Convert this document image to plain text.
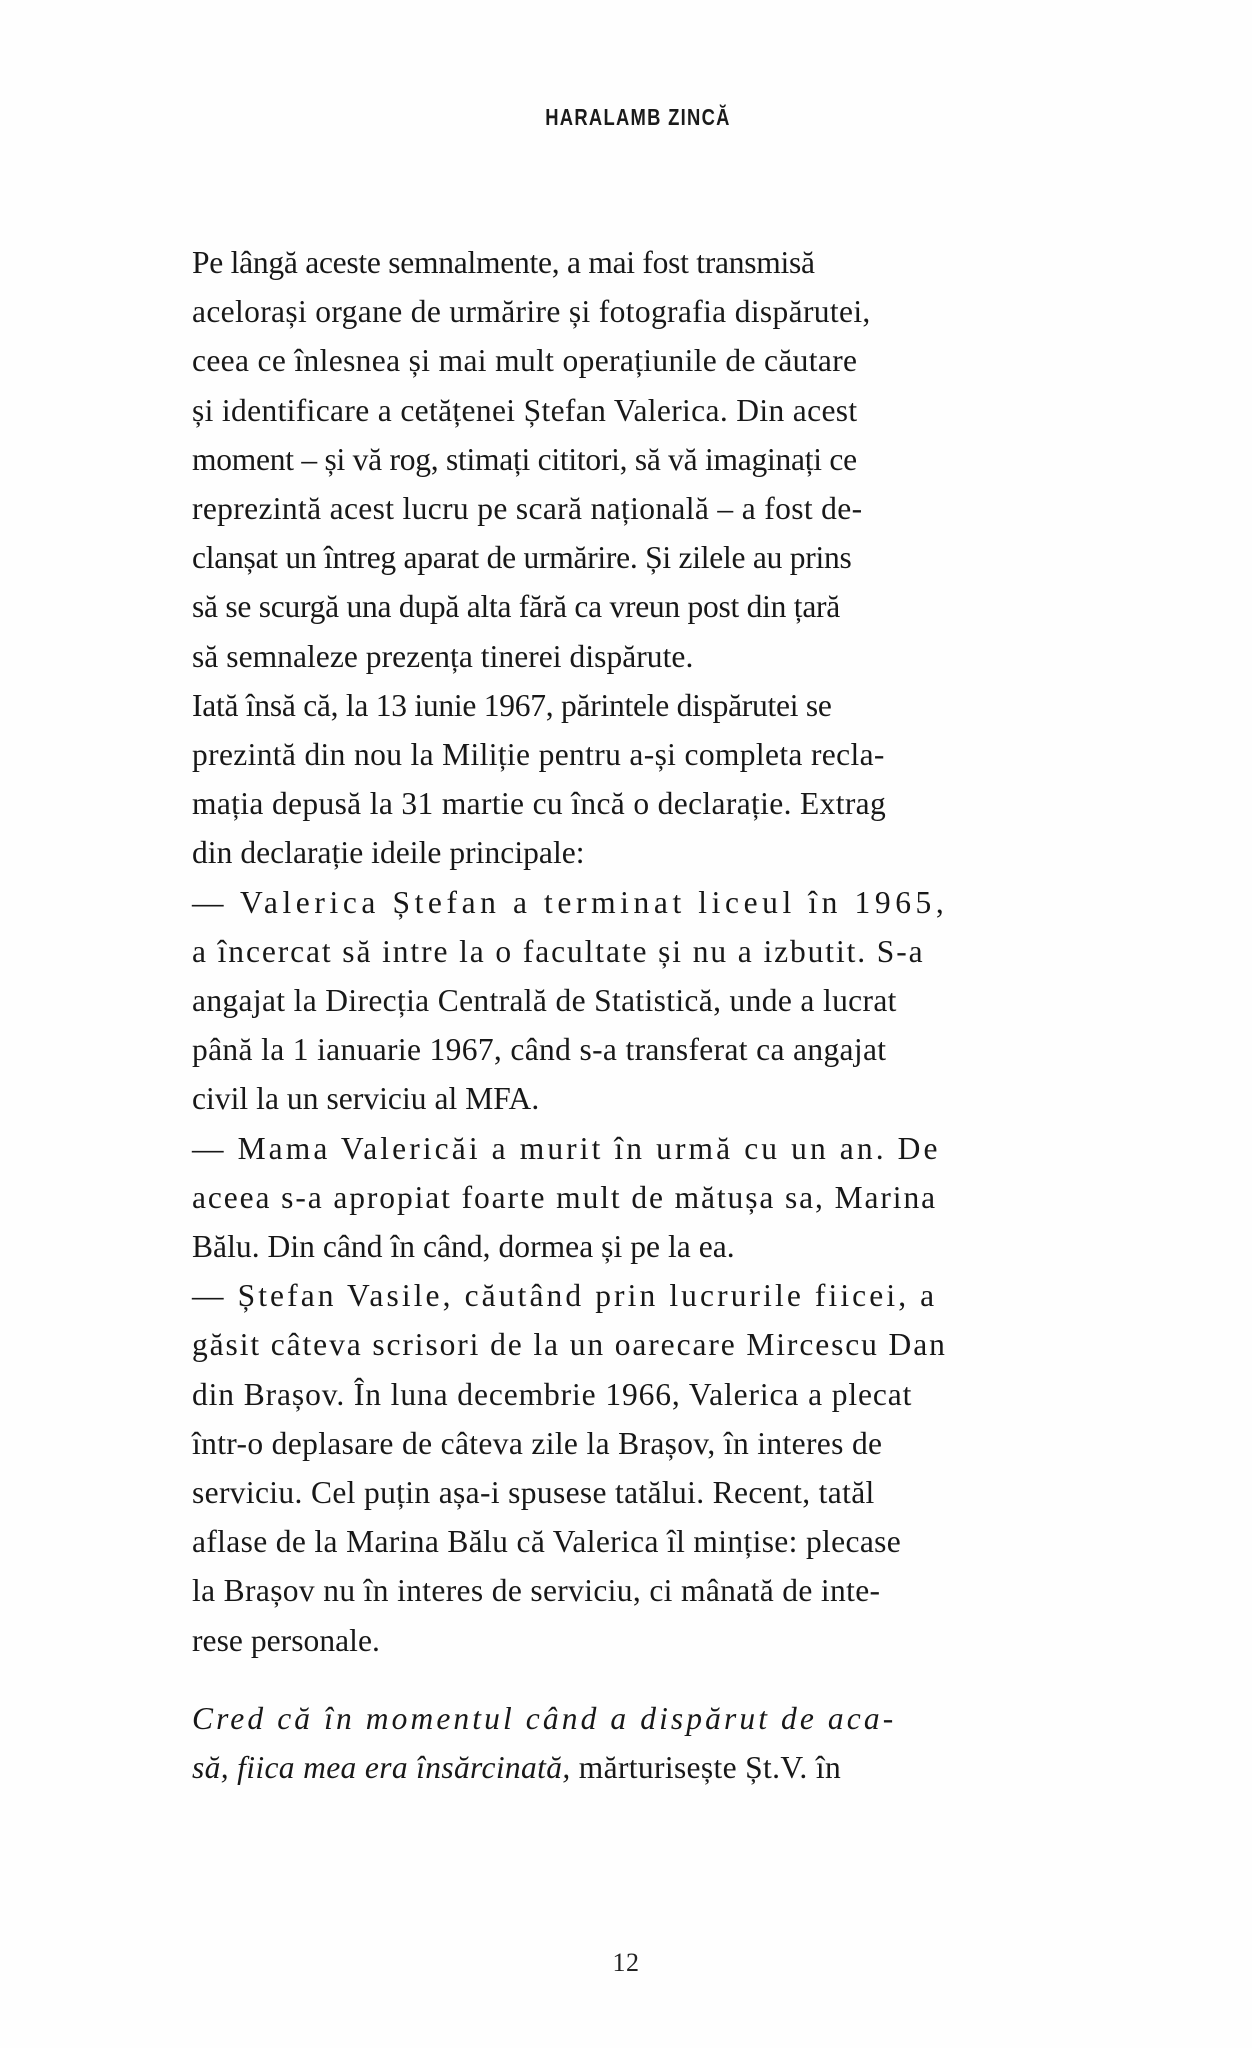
HARALAMB ZINCĂ

Pe lângă aceste semnalmente, a mai fost transmisă
acelorași organe de urmărire și fotografia dispărutei,
ceea ce înlesnea și mai mult operațiunile de căutare
și identificare a cetățenei Ștefan Valerica. Din acest
moment – și vă rog, stimați cititori, să vă imaginați ce
reprezintă acest lucru pe scară națională – a fost de-
clanșat un întreg aparat de urmărire. Și zilele au prins
să se scurgă una după alta fără ca vreun post din țară
să semnaleze prezența tinerei dispărute.

Iată însă că, la 13 iunie 1967, părintele dispărutei se
prezintă din nou la Miliție pentru a-și completa recla-
mația depusă la 31 martie cu încă o declarație. Extrag
din declarație ideile principale:

— Valerica Ștefan a terminat liceul în 1965,
a încercat să intre la o facultate și nu a izbutit. S-a
angajat la Direcția Centrală de Statistică, unde a lucrat
până la 1 ianuarie 1967, când s-a transferat ca angajat
civil la un serviciu al MFA.

— Mama Valericăi a murit în urmă cu un an. De
aceea s-a apropiat foarte mult de mătușa sa, Marina
Bălu. Din când în când, dormea și pe la ea.

— Ștefan Vasile, căutând prin lucrurile fiicei, a
găsit câteva scrisori de la un oarecare Mircescu Dan
din Brașov. În luna decembrie 1966, Valerica a plecat
într-o deplasare de câteva zile la Brașov, în interes de
serviciu. Cel puțin așa-i spusese tatălui. Recent, tatăl
aflase de la Marina Bălu că Valerica îl mințise: plecase
la Brașov nu în interes de serviciu, ci mânată de inte-
rese personale.

Cred că în momentul când a dispărut de aca-
să, fiica mea era însărcinată, mărturisește Șt.V. în

12
